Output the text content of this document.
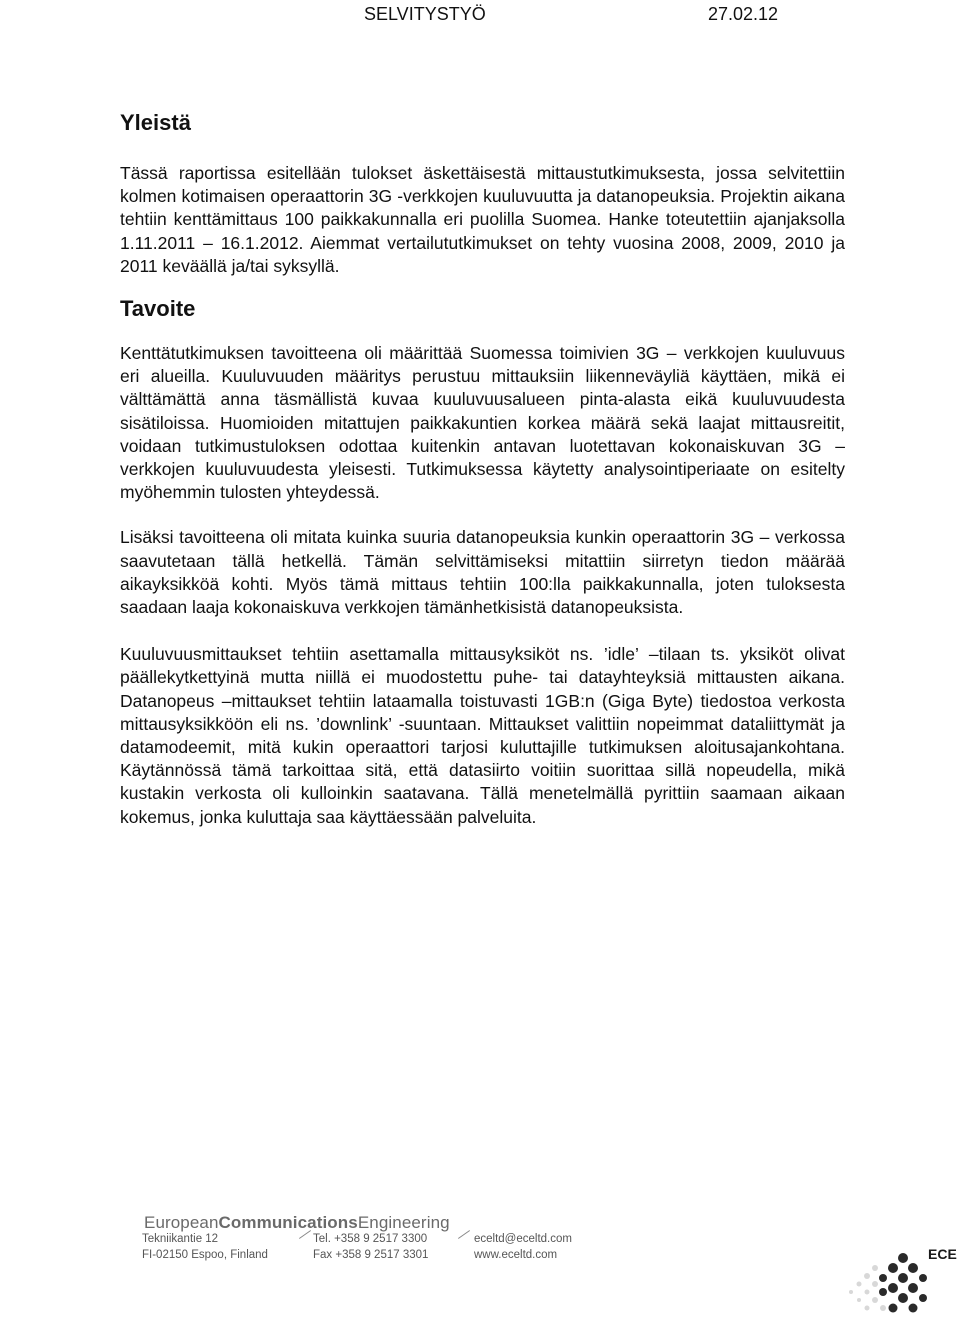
SELVITYSTYÖ	27.02.12
Yleistä

Tässä raportissa esitellään tulokset äskettäisestä mittaustutkimuksesta, jossa selvitettiin kolmen kotimaisen operaattorin 3G -verkkojen kuuluvuutta ja datanopeuksia. Projektin aikana tehtiin kenttämittaus 100 paikkakunnalla eri puolilla Suomea. Hanke toteutettiin ajanjaksolla 1.11.2011 – 16.1.2012. Aiemmat vertailututkimukset on tehty vuosina 2008, 2009, 2010 ja 2011 keväällä ja/tai syksyllä.

Tavoite

Kenttätutkimuksen tavoitteena oli määrittää Suomessa toimivien 3G – verkkojen kuuluvuus eri alueilla. Kuuluvuuden määritys perustuu mittauksiin liikenneväyliä käyttäen, mikä ei välttämättä anna täsmällistä kuvaa kuuluvuusalueen pinta-alasta eikä kuuluvuudesta sisätiloissa. Huomioiden mitattujen paikkakuntien korkea määrä sekä laajat mittausreitit, voidaan tutkimustuloksen odottaa kuitenkin antavan luotettavan kokonaiskuvan 3G – verkkojen kuuluvuudesta yleisesti. Tutkimuksessa käytetty analysointiperiaate on esitelty myöhemmin tulosten yhteydessä.

Lisäksi tavoitteena oli mitata kuinka suuria datanopeuksia kunkin operaattorin 3G – verkossa saavutetaan tällä hetkellä. Tämän selvittämiseksi mitattiin siirretyn tiedon määrää aikayksikköä kohti. Myös tämä mittaus tehtiin 100:lla paikkakunnalla, joten tuloksesta saadaan laaja kokonaiskuva verkkojen tämänhetkisistä datanopeuksista.

Kuuluvuusmittaukset tehtiin asettamalla mittausyksiköt ns. ’idle’ –tilaan ts. yksiköt olivat päällekytkettyinä mutta niillä ei muodostettu puhe- tai datayhteyksiä mittausten aikana. Datanopeus –mittaukset tehtiin lataamalla toistuvasti 1GB:n (Giga Byte) tiedostoa verkosta mittausyksikköön eli ns. ’downlink’ -suuntaan. Mittaukset valittiin nopeimmat dataliittymät ja datamodeemit, mitä kukin operaattori tarjosi kuluttajille tutkimuksen aloitusajankohtana. Käytännössä tämä tarkoittaa sitä, että datasiirto voitiin suorittaa sillä nopeudella, mikä kustakin verkosta oli kulloinkin saatavana. Tällä menetelmällä pyrittiin saamaan aikaan kokemus, jonka kuluttaja saa käyttäessään palveluita.

EuropeanCommunicationsEngineering
Tekniikantie 12
FI-02150 Espoo, Finland
Tel. +358 9 2517 3300
Fax +358 9 2517 3301
eceltd@eceltd.com
www.eceltd.com	ECE
